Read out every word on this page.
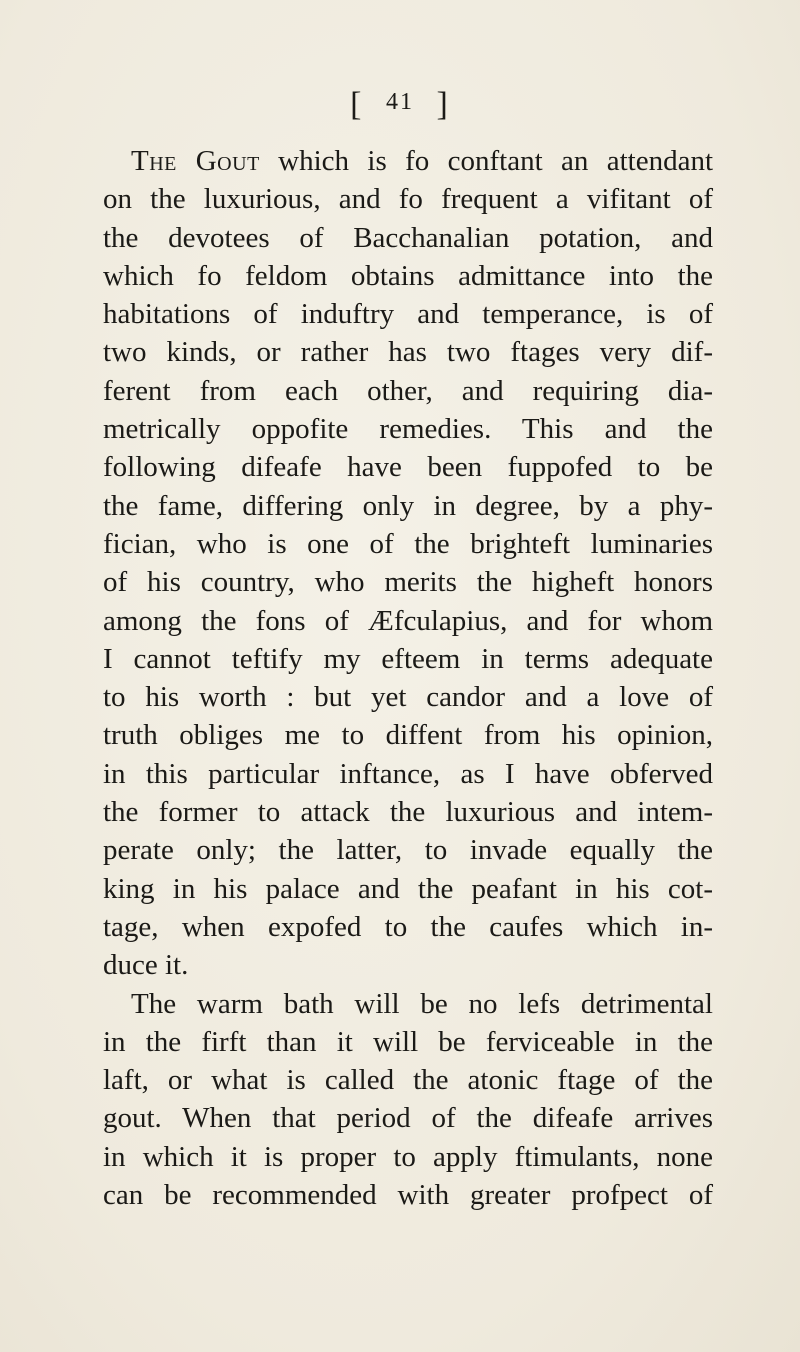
[ 41 ]
The Gout which is fo conftant an attendant
on the luxurious, and fo frequent a vifitant of
the devotees of Bacchanalian potation, and
which fo feldom obtains admittance into the
habitations of induftry and temperance, is of
two kinds, or rather has two ftages very dif-
ferent from each other, and requiring dia-
metrically oppofite remedies. This and the
following difeafe have been fuppofed to be
the fame, differing only in degree, by a phy-
fician, who is one of the brighteft luminaries
of his country, who merits the higheft honors
among the fons of Æfculapius, and for whom
I cannot teftify my efteem in terms adequate
to his worth : but yet candor and a love of
truth obliges me to diffent from his opinion,
in this particular inftance, as I have obferved
the former to attack the luxurious and intem-
perate only; the latter, to invade equally the
king in his palace and the peafant in his cot-
tage, when expofed to the caufes which in-
duce it.
The warm bath will be no lefs detrimental
in the firft than it will be ferviceable in the
laft, or what is called the atonic ftage of the
gout. When that period of the difeafe arrives
in which it is proper to apply ftimulants, none
can be recommended with greater profpect of
